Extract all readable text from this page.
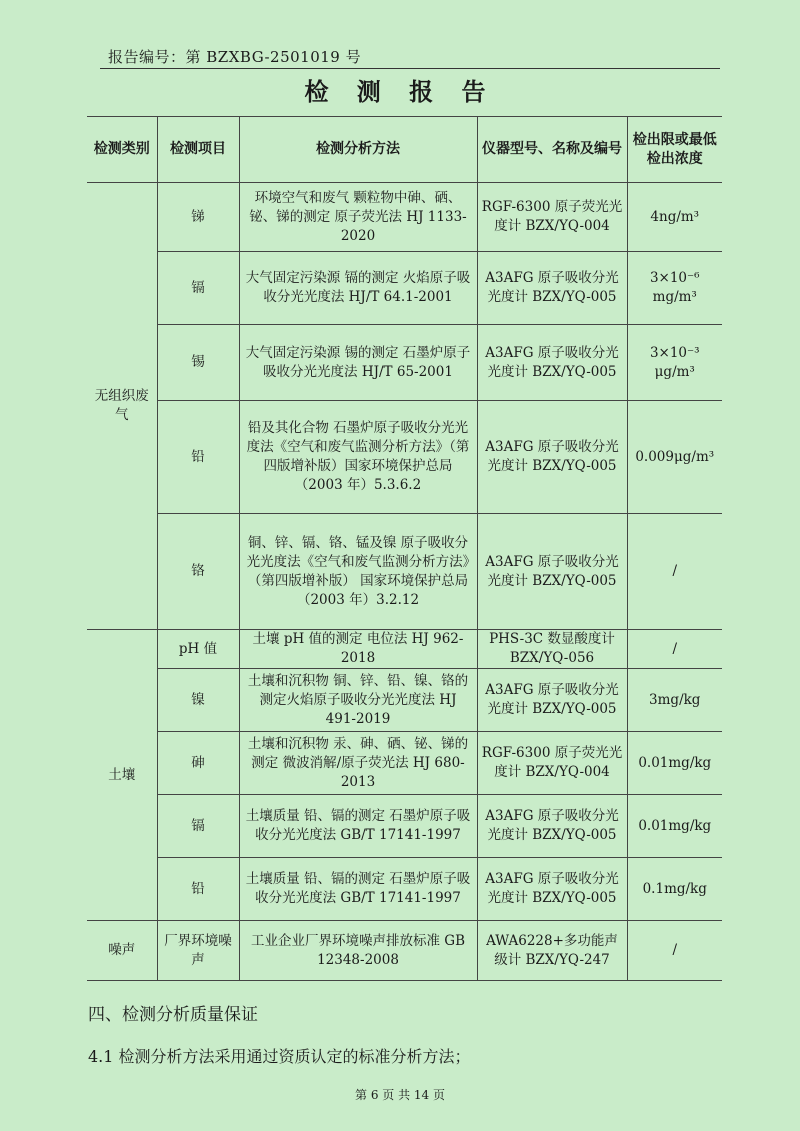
报告编号：第 BZXBG-2501019 号
检 测 报 告
检测类别	检测项目	检测分析方法	仪器型号、名称及编号	检出限或最低检出浓度
无组织废气	锑	环境空气和废气 颗粒物中砷、硒、铋、锑的测定 原子荧光法 HJ 1133-2020	RGF-6300 原子荧光光度计 BZX/YQ-004	4ng/m³
	镉	大气固定污染源 镉的测定 火焰原子吸收分光光度法 HJ/T 64.1-2001	A3AFG 原子吸收分光光度计 BZX/YQ-005	3×10⁻⁶ mg/m³
	锡	大气固定污染源 锡的测定 石墨炉原子吸收分光光度法 HJ/T 65-2001	A3AFG 原子吸收分光光度计 BZX/YQ-005	3×10⁻³ μg/m³
	铅	铅及其化合物 石墨炉原子吸收分光光度法《空气和废气监测分析方法》（第四版增补版）国家环境保护总局（2003 年）5.3.6.2	A3AFG 原子吸收分光光度计 BZX/YQ-005	0.009μg/m³
	铬	铜、锌、镉、铬、锰及镍 原子吸收分光光度法《空气和废气监测分析方法》（第四版增补版） 国家环境保护总局（2003 年）3.2.12	A3AFG 原子吸收分光光度计 BZX/YQ-005	/
土壤	pH 值	土壤 pH 值的测定 电位法 HJ 962-2018	PHS-3C 数显酸度计 BZX/YQ-056	/
	镍	土壤和沉积物 铜、锌、铅、镍、铬的测定火焰原子吸收分光光度法 HJ 491-2019	A3AFG 原子吸收分光光度计 BZX/YQ-005	3mg/kg
	砷	土壤和沉积物 汞、砷、硒、铋、锑的测定 微波消解/原子荧光法 HJ 680-2013	RGF-6300 原子荧光光度计 BZX/YQ-004	0.01mg/kg
	镉	土壤质量 铅、镉的测定 石墨炉原子吸收分光光度法 GB/T 17141-1997	A3AFG 原子吸收分光光度计 BZX/YQ-005	0.01mg/kg
	铅	土壤质量 铅、镉的测定 石墨炉原子吸收分光光度法 GB/T 17141-1997	A3AFG 原子吸收分光光度计 BZX/YQ-005	0.1mg/kg
噪声	厂界环境噪声	工业企业厂界环境噪声排放标准 GB 12348-2008	AWA6228+多功能声级计 BZX/YQ-247	/
四、检测分析质量保证
4.1 检测分析方法采用通过资质认定的标准分析方法；
第 6 页 共 14 页
